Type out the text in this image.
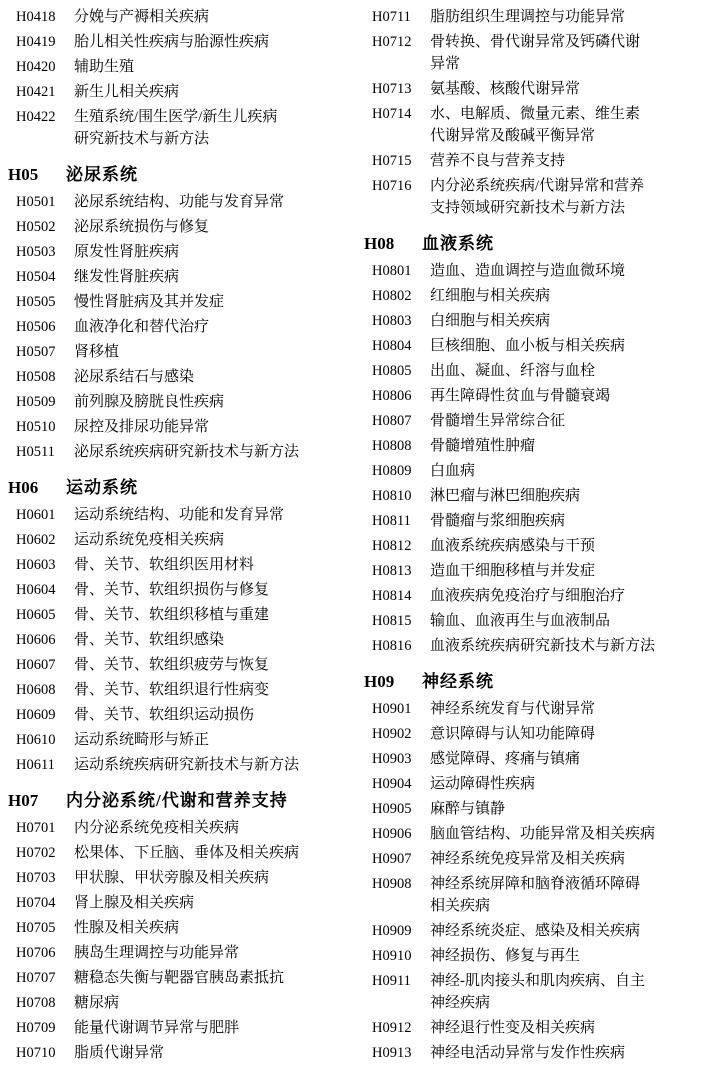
H0418	分娩与产褥相关疾病
H0419	胎儿相关性疾病与胎源性疾病
H0420	辅助生殖
H0421	新生儿相关疾病
H0422	生殖系统/围生医学/新生儿疾病
研究新技术与新方法
H05	泌尿系统
H0501	泌尿系统结构、功能与发育异常
H0502	泌尿系统损伤与修复
H0503	原发性肾脏疾病
H0504	继发性肾脏疾病
H0505	慢性肾脏病及其并发症
H0506	血液净化和替代治疗
H0507	肾移植
H0508	泌尿系结石与感染
H0509	前列腺及膀胱良性疾病
H0510	尿控及排尿功能异常
H0511	泌尿系统疾病研究新技术与新方法
H06	运动系统
H0601	运动系统结构、功能和发育异常
H0602	运动系统免疫相关疾病
H0603	骨、关节、软组织医用材料
H0604	骨、关节、软组织损伤与修复
H0605	骨、关节、软组织移植与重建
H0606	骨、关节、软组织感染
H0607	骨、关节、软组织疲劳与恢复
H0608	骨、关节、软组织退行性病变
H0609	骨、关节、软组织运动损伤
H0610	运动系统畸形与矫正
H0611	运动系统疾病研究新技术与新方法
H07	内分泌系统/代谢和营养支持
H0701	内分泌系统免疫相关疾病
H0702	松果体、下丘脑、垂体及相关疾病
H0703	甲状腺、甲状旁腺及相关疾病
H0704	肾上腺及相关疾病
H0705	性腺及相关疾病
H0706	胰岛生理调控与功能异常
H0707	糖稳态失衡与靶器官胰岛素抵抗
H0708	糖尿病
H0709	能量代谢调节异常与肥胖
H0710	脂质代谢异常
H0711	脂肪组织生理调控与功能异常
H0712	骨转换、骨代谢异常及钙磷代谢
异常
H0713	氨基酸、核酸代谢异常
H0714	水、电解质、微量元素、维生素
代谢异常及酸碱平衡异常
H0715	营养不良与营养支持
H0716	内分泌系统疾病/代谢异常和营养
支持领域研究新技术与新方法
H08	血液系统
H0801	造血、造血调控与造血微环境
H0802	红细胞与相关疾病
H0803	白细胞与相关疾病
H0804	巨核细胞、血小板与相关疾病
H0805	出血、凝血、纤溶与血栓
H0806	再生障碍性贫血与骨髓衰竭
H0807	骨髓增生异常综合征
H0808	骨髓增殖性肿瘤
H0809	白血病
H0810	淋巴瘤与淋巴细胞疾病
H0811	骨髓瘤与浆细胞疾病
H0812	血液系统疾病感染与干预
H0813	造血干细胞移植与并发症
H0814	血液疾病免疫治疗与细胞治疗
H0815	输血、血液再生与血液制品
H0816	血液系统疾病研究新技术与新方法
H09	神经系统
H0901	神经系统发育与代谢异常
H0902	意识障碍与认知功能障碍
H0903	感觉障碍、疼痛与镇痛
H0904	运动障碍性疾病
H0905	麻醉与镇静
H0906	脑血管结构、功能异常及相关疾病
H0907	神经系统免疫异常及相关疾病
H0908	神经系统屏障和脑脊液循环障碍
相关疾病
H0909	神经系统炎症、感染及相关疾病
H0910	神经损伤、修复与再生
H0911	神经-肌肉接头和肌肉疾病、自主
神经疾病
H0912	神经退行性变及相关疾病
H0913	神经电活动异常与发作性疾病
